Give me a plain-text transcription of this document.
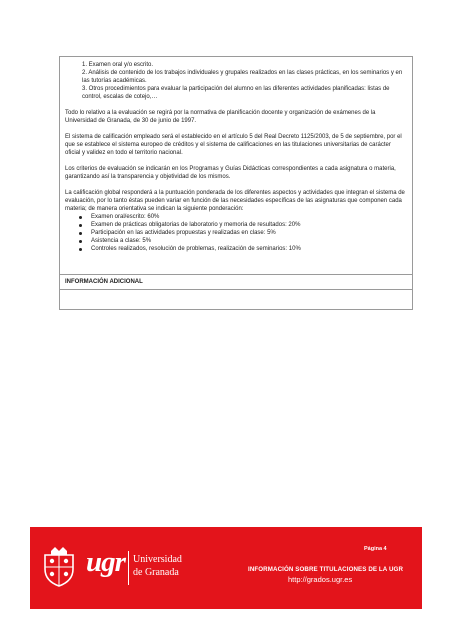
1. Examen oral y/o escrito.

2. Análisis de contenido de los trabajos individuales y grupales realizados en las clases prácticas, en los seminarios y en las tutorías académicas.

3. Otros procedimientos para evaluar la participación del alumno en las diferentes actividades planificadas: listas de control, escalas de cotejo,…

Todo lo relativo a la evaluación se regirá por la normativa de planificación docente y organización de exámenes de la Universidad de Granada, de 30 de junio de 1997.

El sistema de calificación empleado será el establecido en el artículo 5 del Real Decreto 1125/2003, de 5 de septiembre, por el que se establece el sistema europeo de créditos y el sistema de calificaciones en las titulaciones universitarias de carácter oficial y validez en todo el territorio nacional.

Los criterios de evaluación se indicarán en los Programas y Guías Didácticas correspondientes a cada asignatura o materia, garantizando así la transparencia y objetividad de los mismos.

La calificación global responderá a la puntuación ponderada de los diferentes aspectos y actividades que integran el sistema de evaluación, por lo tanto éstas pueden variar en función de las necesidades específicas de las asignaturas que componen cada materia; de manera orientativa se indican la siguiente ponderación:

Examen oral/escrito: 60%
Examen de prácticas obligatorias de laboratorio y memoria de resultados: 20%
Participación en las actividades propuestas y realizadas en clase: 5%
Asistencia a clase: 5%
Controles realizados, resolución de problemas, realización de seminarios: 10%
INFORMACIÓN ADICIONAL
ugr Universidad
de Granada
Página 4
INFORMACIÓN SOBRE TITULACIONES DE LA UGR
http://grados.ugr.es
